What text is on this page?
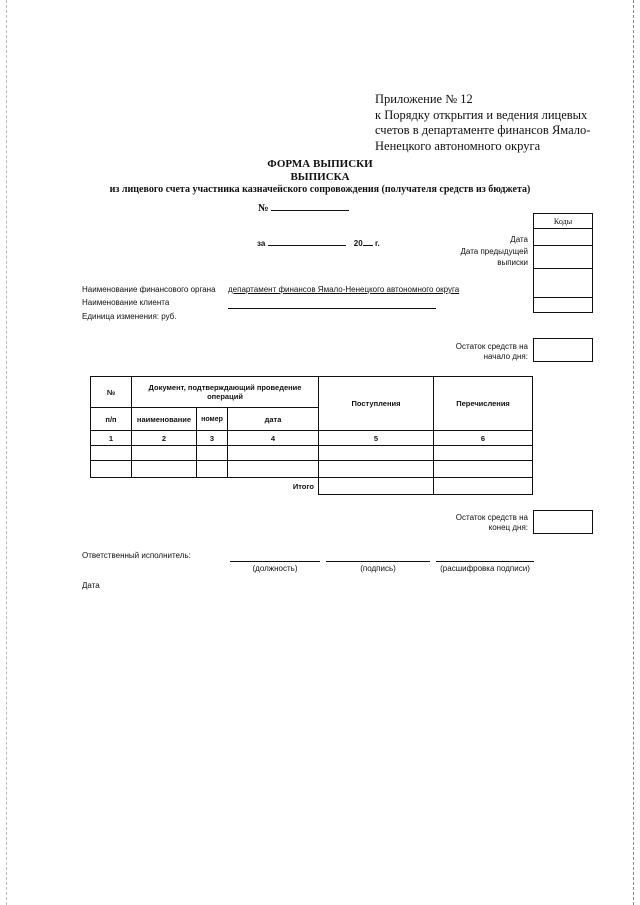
Приложение № 12
к Порядку открытия и ведения лицевых
счетов в департаменте финансов Ямало-
Ненецкого автономного округа
ФОРМА ВЫПИСКИ
ВЫПИСКА
из лицевого счета участника казначейского сопровождения (получателя средств из бюджета)
№
за	20 г.
Коды

Дата
Дата предыдущей
выписки
Наименование финансового органа департамент финансов Ямало-Ненецкого автономного округа
Наименование клиента
Единица изменения: руб.
Остаток средств на
начало дня:
№	Документ, подтверждающий проведение операций			Поступления	Перечисления
п/п	наименование	номер	дата		
1	2	3	4	5	6

Итого					
Остаток средств на
конец дня:
Ответственный исполнитель:
(должность)	(подпись)	(расшифровка подписи)
Дата
